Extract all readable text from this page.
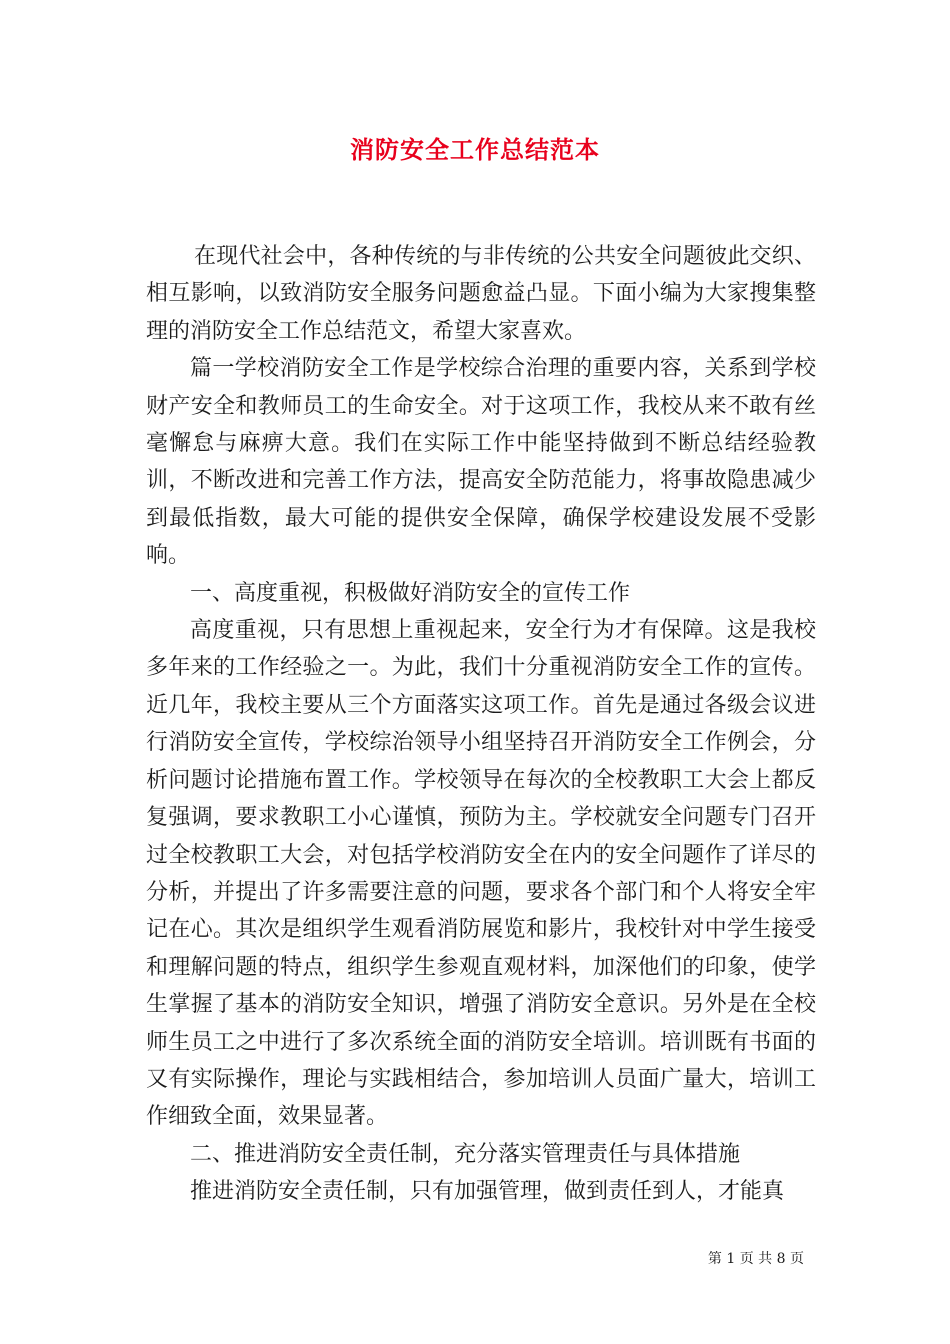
消防安全工作总结范本

在现代社会中，各种传统的与非传统的公共安全问题彼此交织、相互影响，以致消防安全服务问题愈益凸显。下面小编为大家搜集整理的消防安全工作总结范文，希望大家喜欢。

篇一学校消防安全工作是学校综合治理的重要内容，关系到学校财产安全和教师员工的生命安全。对于这项工作，我校从来不敢有丝毫懈怠与麻痹大意。我们在实际工作中能坚持做到不断总结经验教训，不断改进和完善工作方法，提高安全防范能力，将事故隐患减少到最低指数，最大可能的提供安全保障，确保学校建设发展不受影响。

一、高度重视，积极做好消防安全的宣传工作

高度重视，只有思想上重视起来，安全行为才有保障。这是我校多年来的工作经验之一。为此，我们十分重视消防安全工作的宣传。近几年，我校主要从三个方面落实这项工作。首先是通过各级会议进行消防安全宣传，学校综治领导小组坚持召开消防安全工作例会，分析问题讨论措施布置工作。学校领导在每次的全校教职工大会上都反复强调，要求教职工小心谨慎，预防为主。学校就安全问题专门召开过全校教职工大会，对包括学校消防安全在内的安全问题作了详尽的分析，并提出了许多需要注意的问题，要求各个部门和个人将安全牢记在心。其次是组织学生观看消防展览和影片，我校针对中学生接受和理解问题的特点，组织学生参观直观材料，加深他们的印象，使学生掌握了基本的消防安全知识，增强了消防安全意识。另外是在全校师生员工之中进行了多次系统全面的消防安全培训。培训既有书面的又有实际操作，理论与实践相结合，参加培训人员面广量大，培训工作细致全面，效果显著。

二、推进消防安全责任制，充分落实管理责任与具体措施

推进消防安全责任制，只有加强管理，做到责任到人，才能真

第 1 页 共 8 页
